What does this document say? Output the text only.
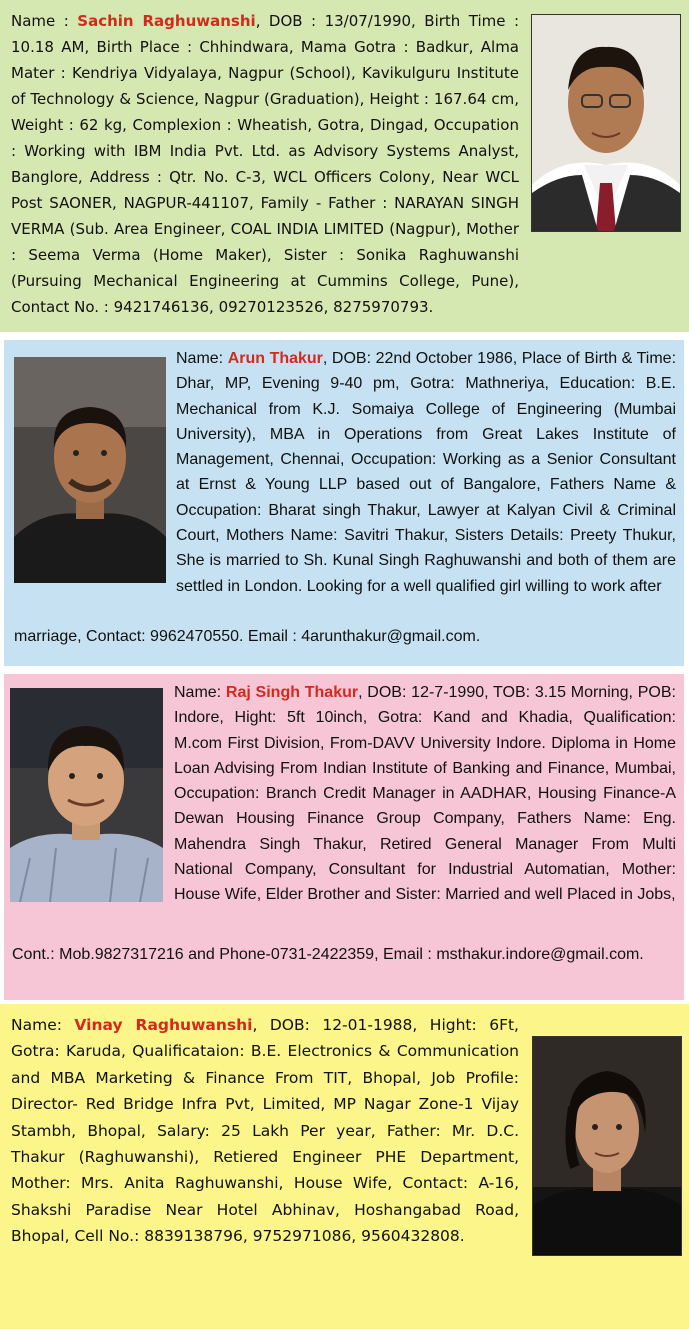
Name : Sachin Raghuwanshi, DOB : 13/07/1990, Birth Time : 10.18 AM, Birth Place : Chhindwara, Mama Gotra : Badkur, Alma Mater : Kendriya Vidyalaya, Nagpur (School), Kavikulguru Institute of Technology & Science, Nagpur (Graduation), Height : 167.64 cm, Weight : 62 kg, Complexion : Wheatish, Gotra, Dingad, Occupation : Working with IBM India Pvt. Ltd. as Advisory Systems Analyst, Banglore, Address : Qtr. No. C-3, WCL Officers Colony, Near WCL Post SAONER, NAGPUR-441107, Family - Father : NARAYAN SINGH VERMA (Sub. Area Engineer, COAL INDIA LIMITED (Nagpur), Mother : Seema Verma (Home Maker), Sister : Sonika Raghuwanshi (Pursuing Mechanical Engineering at Cummins College, Pune), Contact No. : 9421746136, 09270123526, 8275970793.

Name: Arun Thakur, DOB: 22nd October 1986, Place of Birth & Time: Dhar, MP, Evening 9-40 pm, Gotra: Mathneriya, Education: B.E. Mechanical from K.J. Somaiya College of Engineering (Mumbai University), MBA in Operations from Great Lakes Institute of Management, Chennai, Occupation: Working as a Senior Consultant at Ernst & Young LLP based out of Bangalore, Fathers Name & Occupation: Bharat singh Thakur, Lawyer at Kalyan Civil & Criminal Court, Mothers Name: Savitri Thakur, Sisters Details: Preety Thukur, She is married to Sh. Kunal Singh Raghuwanshi and both of them are settled in London. Looking for a well qualified girl willing to work after

marriage, Contact: 9962470550. Email : 4arunthakur@gmail.com.

Name: Raj Singh Thakur, DOB: 12-7-1990, TOB: 3.15 Morning, POB: Indore, Hight: 5ft 10inch, Gotra: Kand and Khadia, Qualification: M.com First Division, From-DAVV University Indore. Diploma in Home Loan Advising From Indian Institute of Banking and Finance, Mumbai, Occupation: Branch Credit Manager in AADHAR, Housing Finance-A Dewan Housing Finance Group Company, Fathers Name: Eng. Mahendra Singh Thakur, Retired General Manager From Multi National Company, Consultant for Industrial Automatian, Mother: House Wife, Elder Brother and Sister: Married and well Placed in Jobs,

Cont.: Mob.9827317216 and Phone-0731-2422359, Email : msthakur.indore@gmail.com.

Name: Vinay Raghuwanshi, DOB: 12-01-1988, Hight: 6Ft, Gotra: Karuda, Qualificataion: B.E. Electronics & Communication and MBA Marketing & Finance From TIT, Bhopal, Job Profile: Director- Red Bridge Infra Pvt, Limited, MP Nagar Zone-1 Vijay Stambh, Bhopal, Salary: 25 Lakh Per year, Father: Mr. D.C. Thakur (Raghuwanshi), Retiered Engineer PHE Department, Mother: Mrs. Anita Raghuwanshi, House Wife, Contact: A-16, Shakshi Paradise Near Hotel Abhinav, Hoshangabad Road, Bhopal, Cell No.: 8839138796, 9752971086, 9560432808.
